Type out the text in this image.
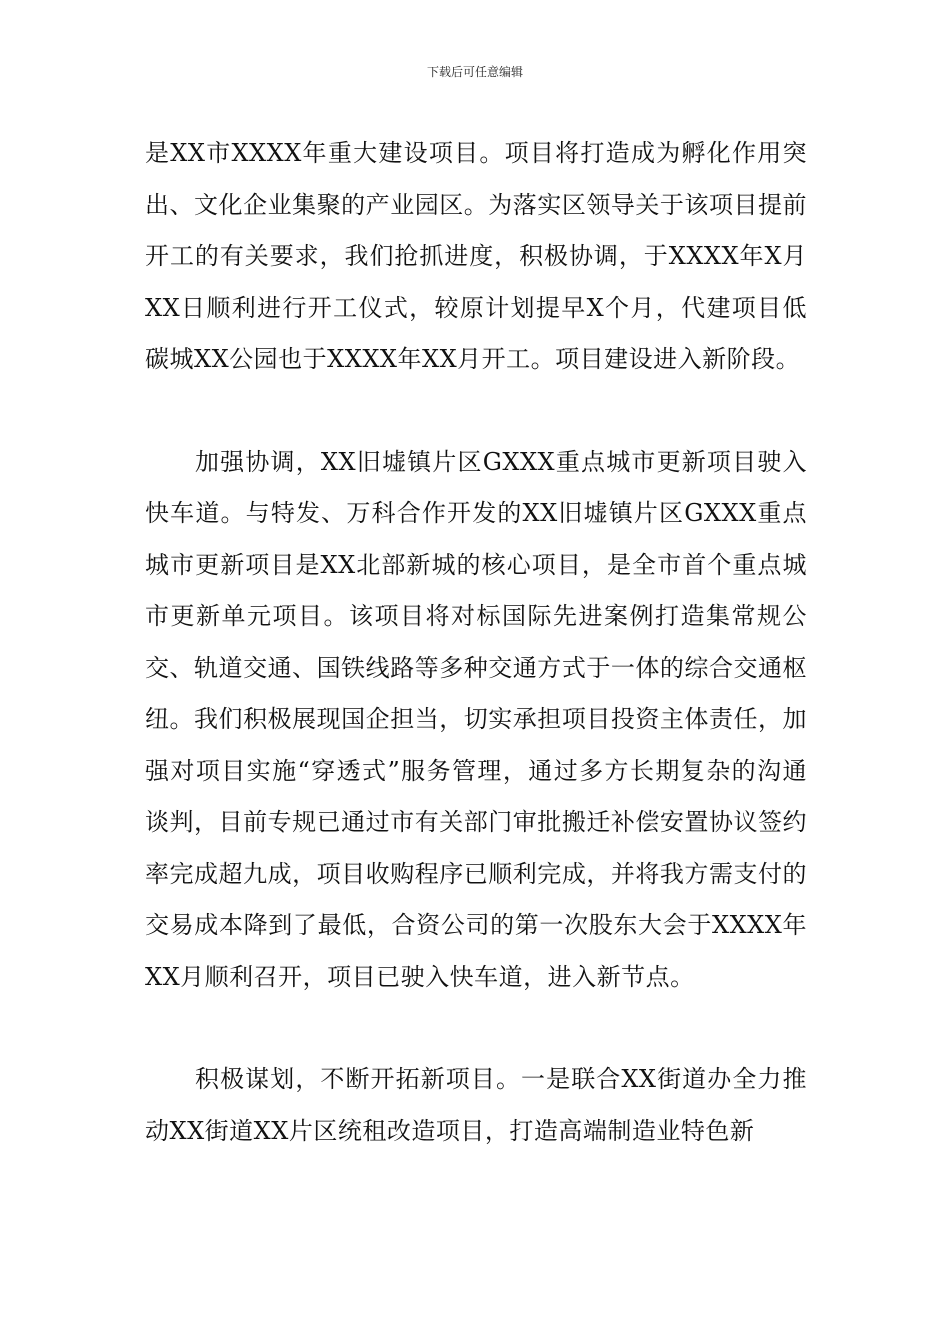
下载后可任意编辑

是XX市XXXX年重大建设项目。项目将打造成为孵化作用突出、文化企业集聚的产业园区。为落实区领导关于该项目提前开工的有关要求，我们抢抓进度，积极协调，于XXXX年X月XX日顺利进行开工仪式，较原计划提早X个月，代建项目低碳城XX公园也于XXXX年XX月开工。项目建设进入新阶段。

加强协调，XX旧墟镇片区GXXX重点城市更新项目驶入快车道。与特发、万科合作开发的XX旧墟镇片区GXXX重点城市更新项目是XX北部新城的核心项目，是全市首个重点城市更新单元项目。该项目将对标国际先进案例打造集常规公交、轨道交通、国铁线路等多种交通方式于一体的综合交通枢纽。我们积极展现国企担当，切实承担项目投资主体责任，加强对项目实施“穿透式”服务管理，通过多方长期复杂的沟通谈判，目前专规已通过市有关部门审批搬迁补偿安置协议签约率完成超九成，项目收购程序已顺利完成，并将我方需支付的交易成本降到了最低，合资公司的第一次股东大会于XXXX年XX月顺利召开，项目已驶入快车道，进入新节点。

积极谋划，不断开拓新项目。一是联合XX街道办全力推动XX街道XX片区统租改造项目，打造高端制造业特色新
